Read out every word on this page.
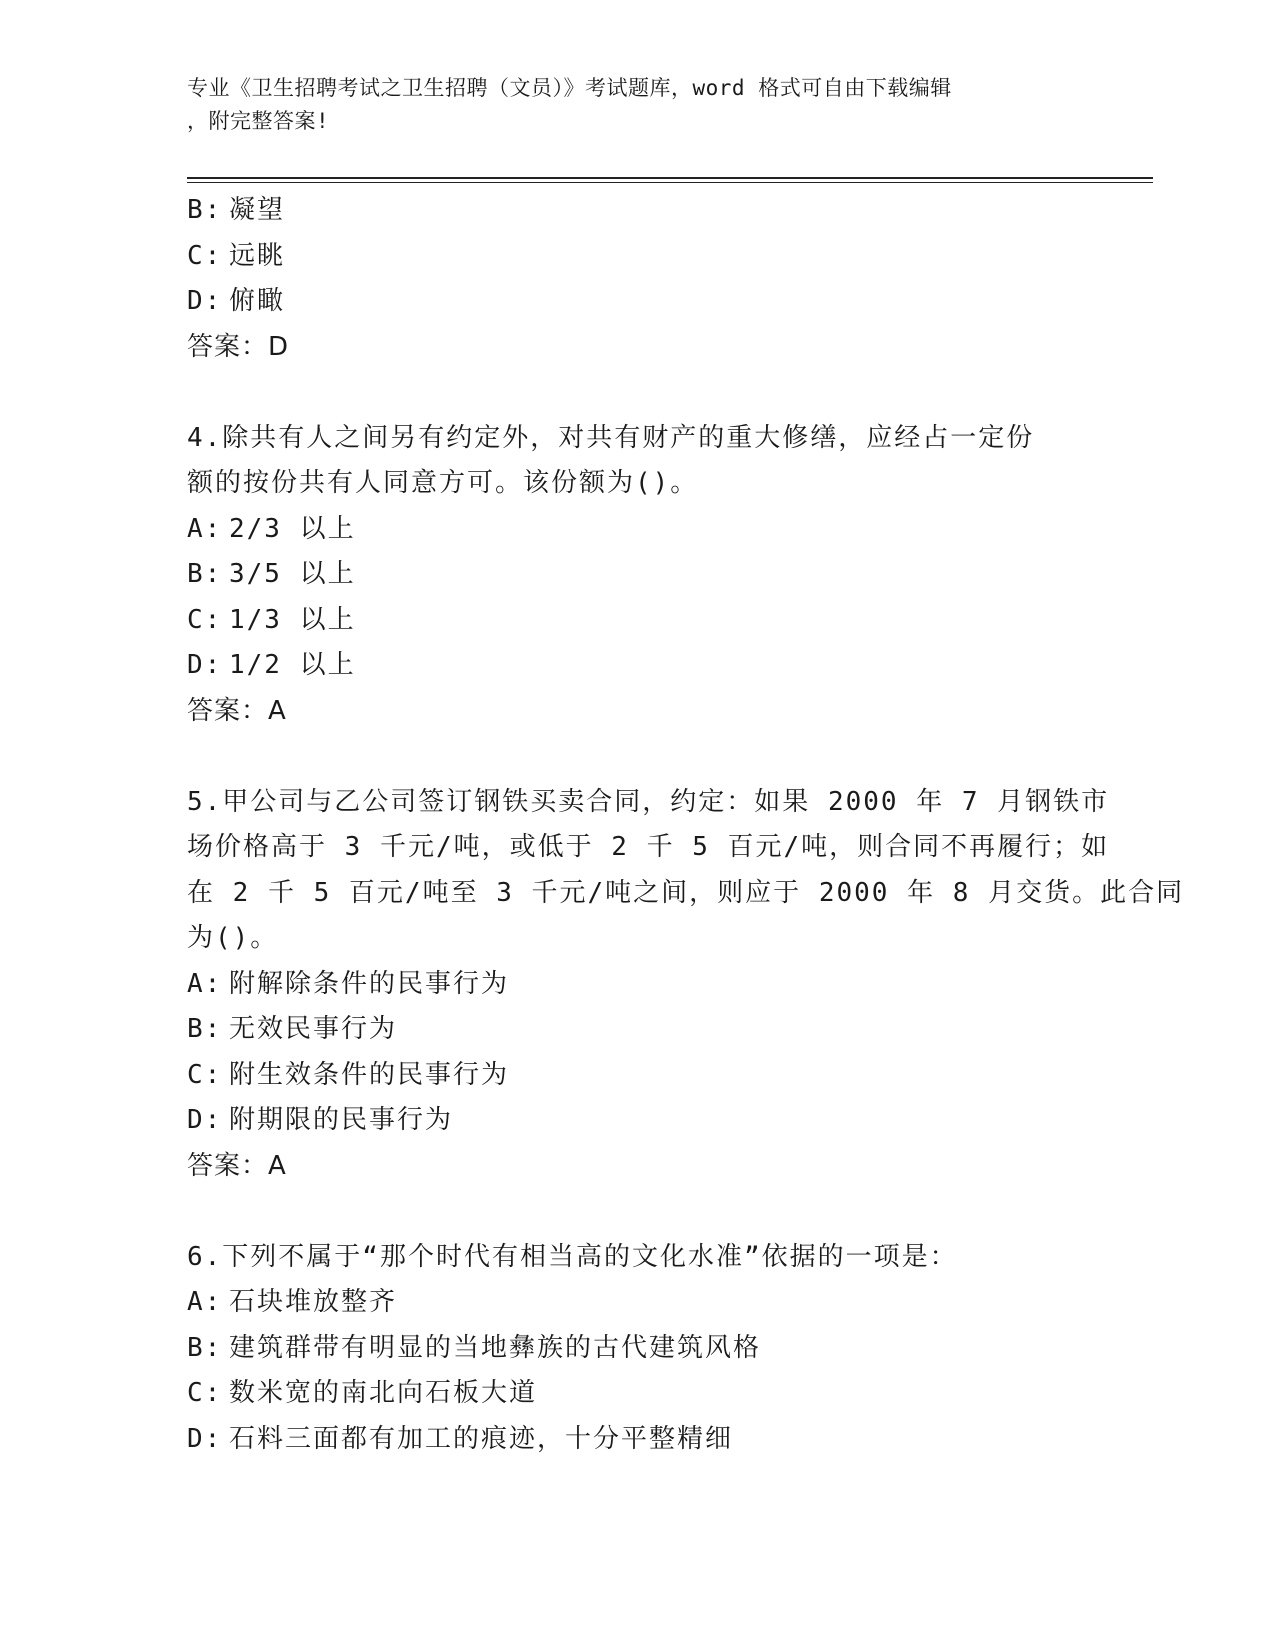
专业《卫生招聘考试之卫生招聘（文员）》考试题库，word 格式可自由下载编辑
，附完整答案!
B: 凝望
C: 远眺
D: 俯瞰
答案：D
4.除共有人之间另有约定外，对共有财产的重大修缮，应经占一定份
额的按份共有人同意方可。该份额为()。
A: 2/3 以上
B: 3/5 以上
C: 1/3 以上
D: 1/2 以上
答案：A
5.甲公司与乙公司签订钢铁买卖合同，约定：如果 2000 年 7 月钢铁市
场价格高于 3 千元/吨，或低于 2 千 5 百元/吨，则合同不再履行；如
在 2 千 5 百元/吨至 3 千元/吨之间，则应于 2000 年 8 月交货。此合同
为()。
A: 附解除条件的民事行为
B: 无效民事行为
C: 附生效条件的民事行为
D: 附期限的民事行为
答案：A
6.下列不属于“那个时代有相当高的文化水准”依据的一项是：
A: 石块堆放整齐
B: 建筑群带有明显的当地彝族的古代建筑风格
C: 数米宽的南北向石板大道
D: 石料三面都有加工的痕迹，十分平整精细
